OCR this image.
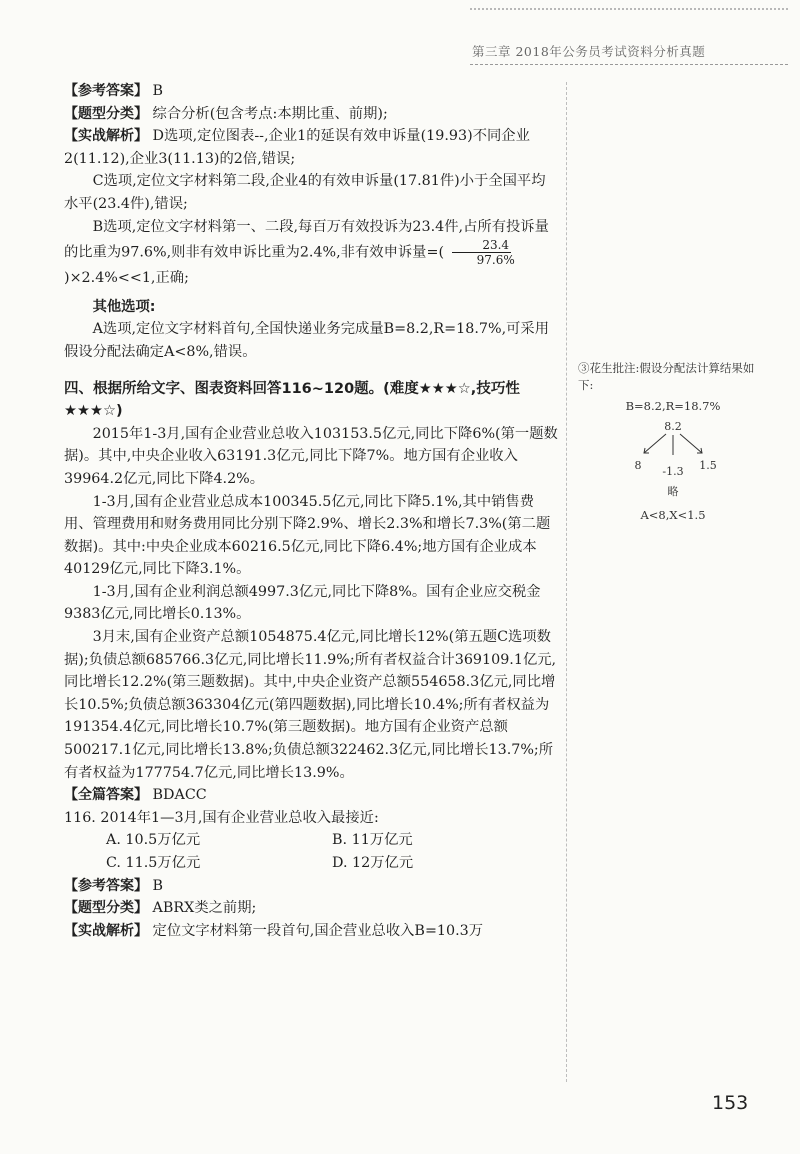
第三章 2018年公务员考试资料分析真题

【参考答案】 B

【题型分类】 综合分析(包含考点:本期比重、前期);

【实战解析】 D选项,定位图表--,企业1的延误有效申诉量(19.93)不同企业2(11.12),企业3(11.13)的2倍,错误;

C选项,定位文字材料第二段,企业4的有效申诉量(17.81件)小于全国平均水平(23.4件),错误;

B选项,定位文字材料第一、二段,每百万有效投诉为23.4件,占所有投诉量的比重为97.6%,则非有效申诉比重为2.4%,非有效申诉量=( $\frac{23.4}{97.6\%}$
)×2.4%<<1,正确;

其他选项:

A选项,定位文字材料首句,全国快递业务完成量B=8.2,R=18.7%,可采用假设分配法确定A<8%,错误。

四、根据所给文字、图表资料回答116~120题。(难度★★★☆,技巧性★★★☆)

2015年1-3月,国有企业营业总收入103153.5亿元,同比下降6%(第一题数据)。其中,中央企业收入63191.3亿元,同比下降7%。地方国有企业收入39964.2亿元,同比下降4.2%。

1-3月,国有企业营业总成本100345.5亿元,同比下降5.1%,其中销售费用、管理费用和财务费用同比分别下降2.9%、增长2.3%和增长7.3%(第二题数据)。其中:中央企业成本60216.5亿元,同比下降6.4%;地方国有企业成本40129亿元,同比下降3.1%。

1-3月,国有企业利润总额4997.3亿元,同比下降8%。国有企业应交税金9383亿元,同比增长0.13%。

3月末,国有企业资产总额1054875.4亿元,同比增长12%(第五题C选项数据);负债总额685766.3亿元,同比增长11.9%;所有者权益合计369109.1亿元,同比增长12.2%(第三题数据)。其中,中央企业资产总额554658.3亿元,同比增长10.5%;负债总额363304亿元(第四题数据),同比增长10.4%;所有者权益为191354.4亿元,同比增长10.7%(第三题数据)。地方国有企业资产总额500217.1亿元,同比增长13.8%;负债总额322462.3亿元,同比增长13.7%;所有者权益为177754.7亿元,同比增长13.9%。

【全篇答案】 BDACC

116. 2014年1—3月,国有企业营业总收入最接近:

A. 10.5万亿元	B. 11万亿元
C. 11.5万亿元	D. 12万亿元

【参考答案】 B

【题型分类】 ABRX类之前期;

【实战解析】 定位文字材料第一段首句,国企营业总收入B=10.3万

③花生批注:假设分配法计算结果如下:
B=8.2,R=18.7%
8.2
8	1.5
-1.3
略
A<8,X<1.5
153
